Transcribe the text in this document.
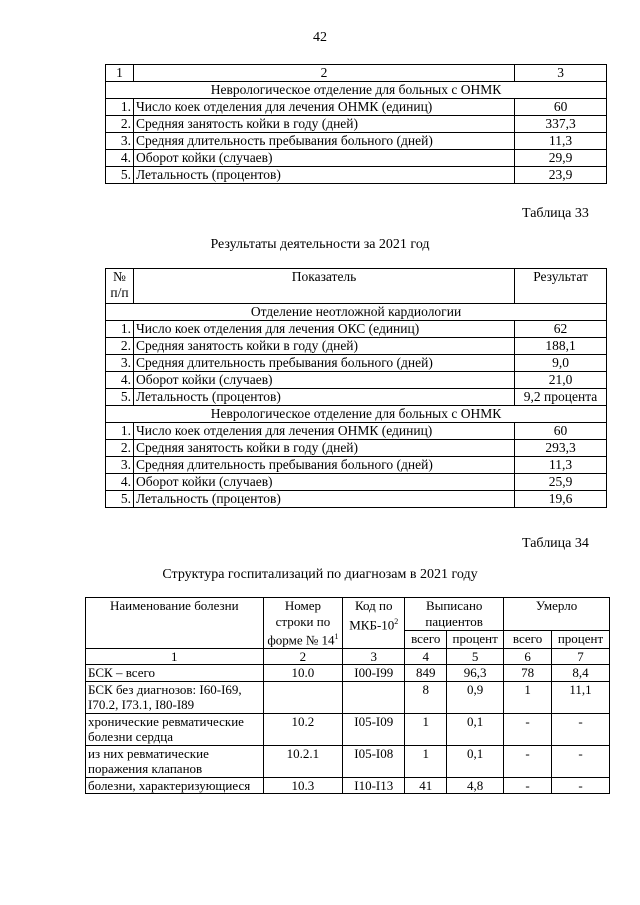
42
1	2	3
Неврологическое отделение для больных с ОНМК		
1.	Число коек отделения для лечения ОНМК (единиц)	60
2.	Средняя занятость койки в году (дней)	337,3
3.	Средняя длительность пребывания больного (дней)	11,3
4.	Оборот койки (случаев)	29,9
5.	Летальность (процентов)	23,9
Таблица 33
Результаты деятельности за 2021 год
№ п/п	Показатель	Результат
Отделение неотложной кардиологии		
1.	Число коек отделения для лечения ОКС (единиц)	62
2.	Средняя занятость койки в году (дней)	188,1
3.	Средняя длительность пребывания больного (дней)	9,0
4.	Оборот койки (случаев)	21,0
5.	Летальность (процентов)	9,2 процента
Неврологическое отделение для больных с ОНМК		
1.	Число коек отделения для лечения ОНМК (единиц)	60
2.	Средняя занятость койки в году (дней)	293,3
3.	Средняя длительность пребывания больного (дней)	11,3
4.	Оборот койки (случаев)	25,9
5.	Летальность (процентов)	19,6
Таблица 34
Структура госпитализаций по диагнозам в 2021 году
Наименование болезни	Номер строки по форме № $14^1$	Код по МКБ-$10^2$	Выписано пациентов		Умерло	
			всего	процент	всего	процент
1	2	3	4	5	6	7
БСК – всего	10.0	I00-I99	849	96,3	78	8,4
БСК без диагнозов: I60-I69, I70.2, I73.1, I80-I89			8	0,9	1	11,1
хронические ревматические болезни сердца	10.2	I05-I09	1	0,1	-	-
из них ревматические поражения клапанов	10.2.1	I05-I08	1	0,1	-	-
болезни, характеризующиеся	10.3	I10-I13	41	4,8	-	-
